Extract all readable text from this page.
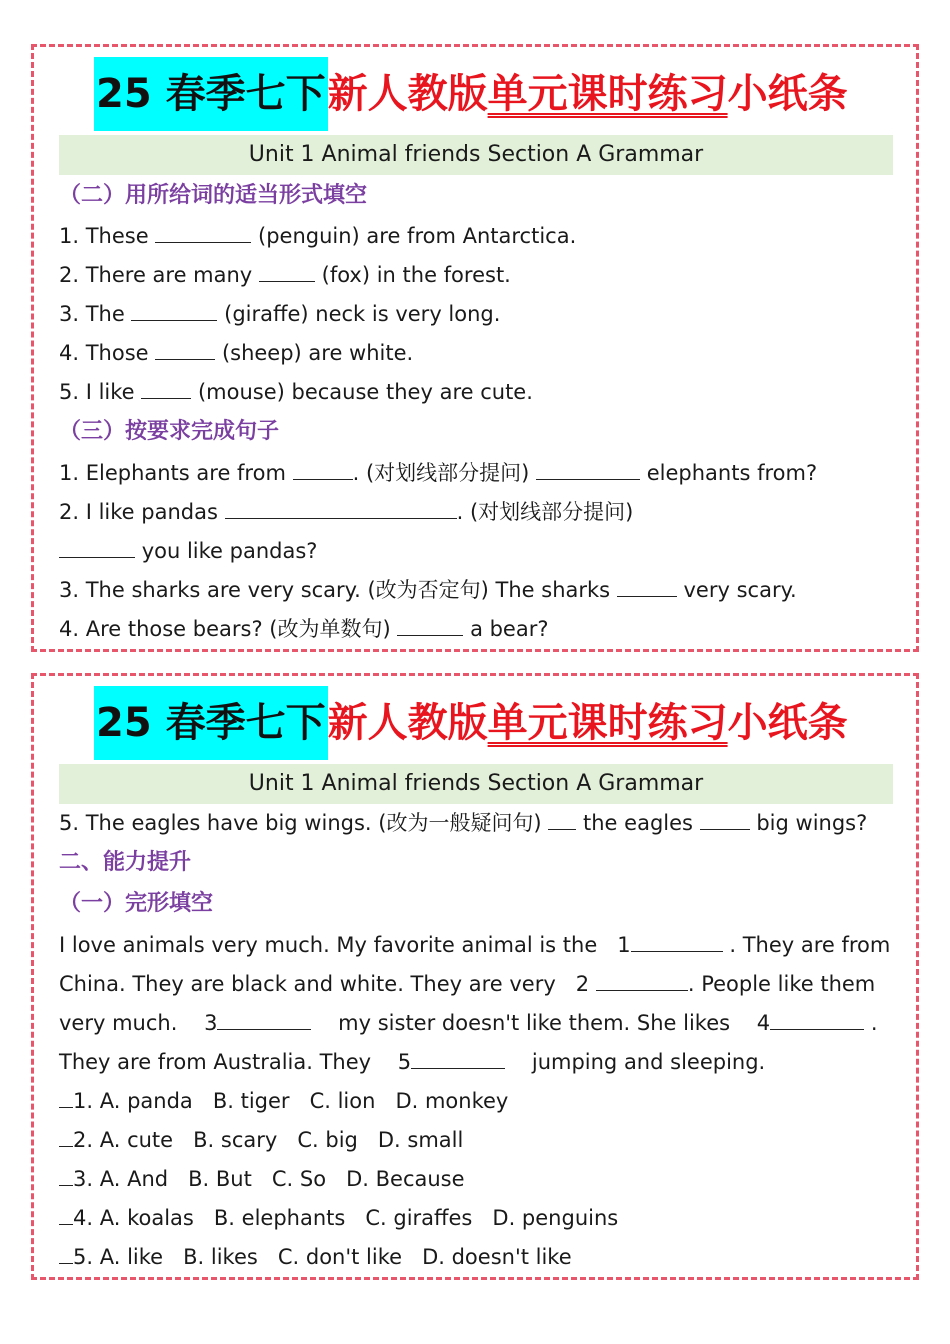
25 春季七下新人教版单元课时练习小纸条
Unit 1 Animal friends Section A Grammar
（二）用所给词的适当形式填空
1. These	(penguin) are from Antarctica.
2. There are many	(fox) in the forest.
3. The	(giraffe) neck is very long.
4. Those	(sheep) are white.
5. I like	(mouse) because they are cute.
（三）按要求完成句子
1. Elephants are from	. (对划线部分提问)	elephants from?
2. I like pandas	. (对划线部分提问)
you like pandas?
3. The sharks are very scary. (改为否定句) The sharks	very scary.
4. Are those bears? (改为单数句)	a bear?
25 春季七下新人教版单元课时练习小纸条
Unit 1 Animal friends Section A Grammar
5. The eagles have big wings. (改为一般疑问句) the eagles	big wings?
二、能力提升
（一）完形填空
I love animals very much. My favorite animal is the 1	. They are from
China. They are black and white. They are very 2	. People like them
very much. 3	my sister doesn't like them. She likes 4	.
They are from Australia. They 5	jumping and sleeping.
1. A. panda B. tiger C. lion D. monkey
2. A. cute B. scary C. big D. small
3. A. And B. But C. So D. Because
4. A. koalas B. elephants C. giraffes D. penguins
5. A. like B. likes C. don't like D. doesn't like
